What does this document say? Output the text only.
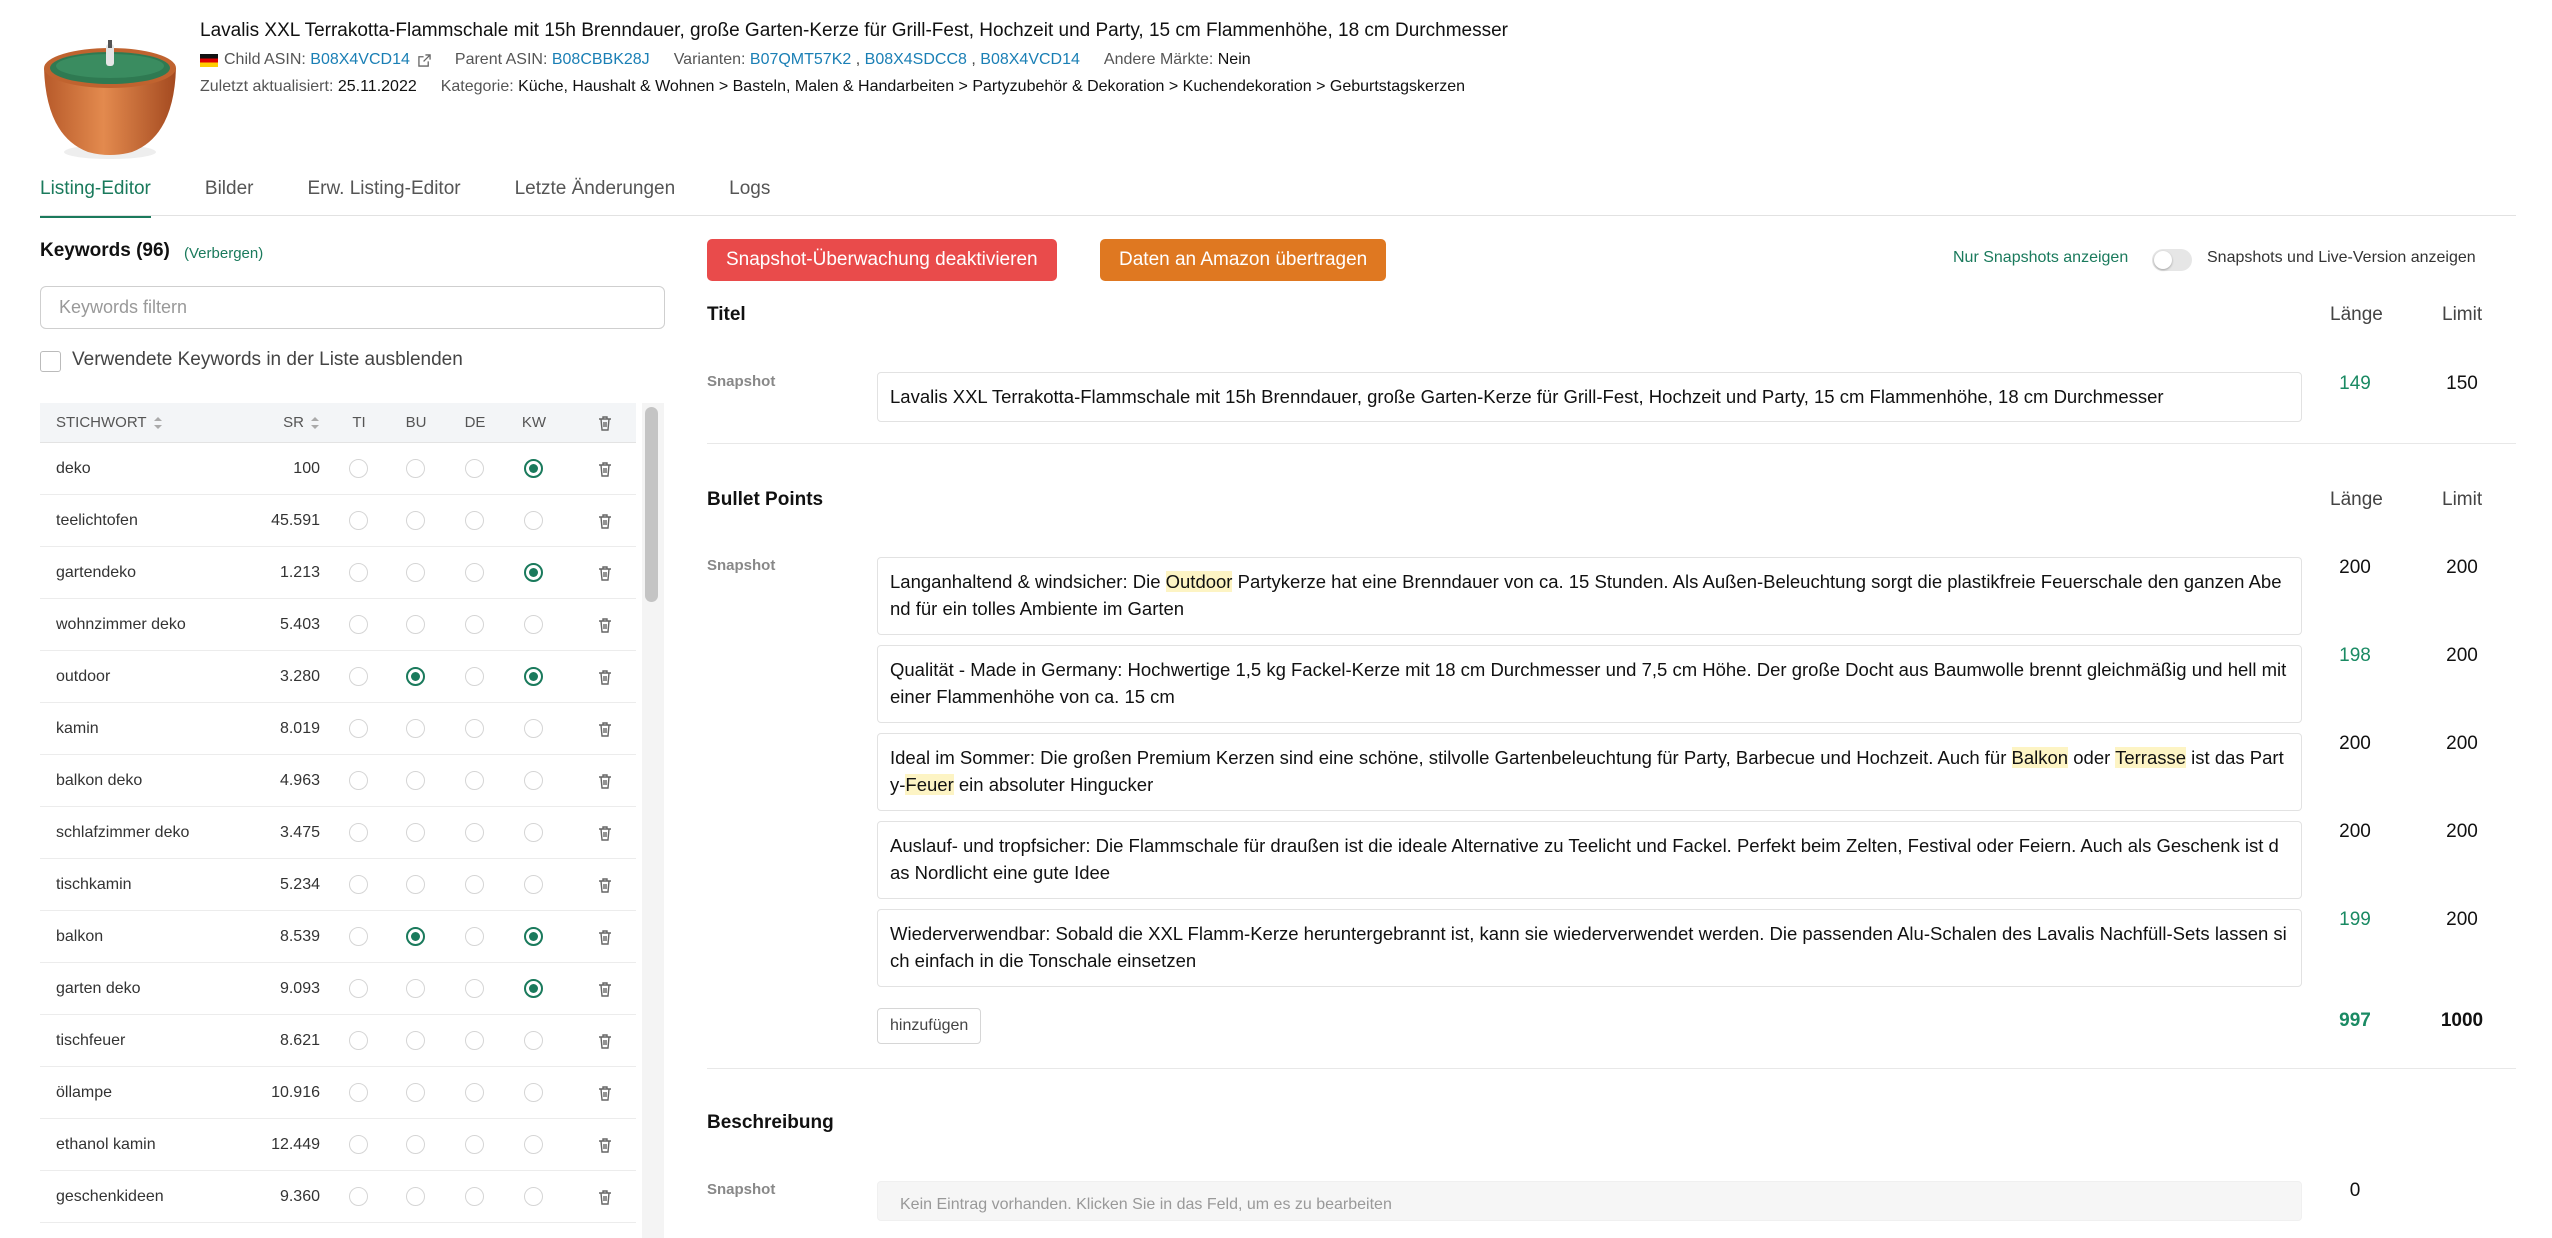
Lavalis XXL Terrakotta-Flammschale mit 15h Brenndauer, große Garten-Kerze für Grill-Fest, Hochzeit und Party, 15 cm Flammenhöhe, 18 cm Durchmesser
Child ASIN:
B08X4VCD14	Parent ASIN:
B08CBBK28J Varianten:
B07QMT57K2
,
B08X4SDCC8
,
B08X4VCD14 Andere Märkte:
Nein
Zuletzt aktualisiert:
25.11.2022 Kategorie:
Küche, Haushalt & Wohnen > Basteln, Malen & Handarbeiten > Partyzubehör & Dekoration > Kuchendekoration > Geburtstagskerzen
Listing-Editor	Bilder	Erw. Listing-Editor	Letzte Änderungen	Logs
Keywords (96) (Verbergen)
Keywords filtern
Verwendete Keywords in der Liste ausblenden
STICHWORT	SR	TI	BU	DE	KW
deko	100
teelichtofen	45.591
gartendeko	1.213
wohnzimmer deko	5.403
outdoor	3.280
kamin	8.019
balkon deko	4.963
schlafzimmer deko	3.475
tischkamin	5.234
balkon	8.539
garten deko	9.093
tischfeuer	8.621
öllampe	10.916
ethanol kamin	12.449
geschenkideen	9.360
Snapshot-Überwachung deaktivieren	Daten an Amazon übertragen	Nur Snapshots anzeigen	Snapshots und Live-Version anzeigen
Titel	Länge	Limit
Snapshot
Lavalis XXL Terrakotta-Flammschale mit 15h Brenndauer, große Garten-Kerze für Grill-Fest, Hochzeit und Party, 15 cm Flammenhöhe, 18 cm Durchmesser
149	150
Bullet Points	Länge	Limit
Snapshot
Langanhaltend & windsicher: Die Outdoor Partykerze hat eine Brenndauer von ca. 15 Stunden. Als Außen-Beleuchtung sorgt die plastikfreie Feuerschale den ganzen Abend für ein tolles Ambiente im Garten
200	200
Qualität - Made in Germany: Hochwertige 1,5 kg Fackel-Kerze mit 18 cm Durchmesser und 7,5 cm Höhe. Der große Docht aus Baumwolle brennt gleichmäßig und hell mit einer Flammenhöhe von ca. 15 cm
198	200
Ideal im Sommer: Die großen Premium Kerzen sind eine schöne, stilvolle Gartenbeleuchtung für Party, Barbecue und Hochzeit. Auch für Balkon oder Terrasse ist das Party-Feuer ein absoluter Hingucker
200	200
Auslauf- und tropfsicher: Die Flammschale für draußen ist die ideale Alternative zu Teelicht und Fackel. Perfekt beim Zelten, Festival oder Feiern. Auch als Geschenk ist das Nordlicht eine gute Idee
200	200
Wiederverwendbar: Sobald die XXL Flamm-Kerze heruntergebrannt ist, kann sie wiederverwendet werden. Die passenden Alu-Schalen des Lavalis Nachfüll-Sets lassen sich einfach in die Tonschale einsetzen
199	200
hinzufügen	997	1000
Beschreibung
Snapshot
Kein Eintrag vorhanden. Klicken Sie in das Feld, um es zu bearbeiten
0
